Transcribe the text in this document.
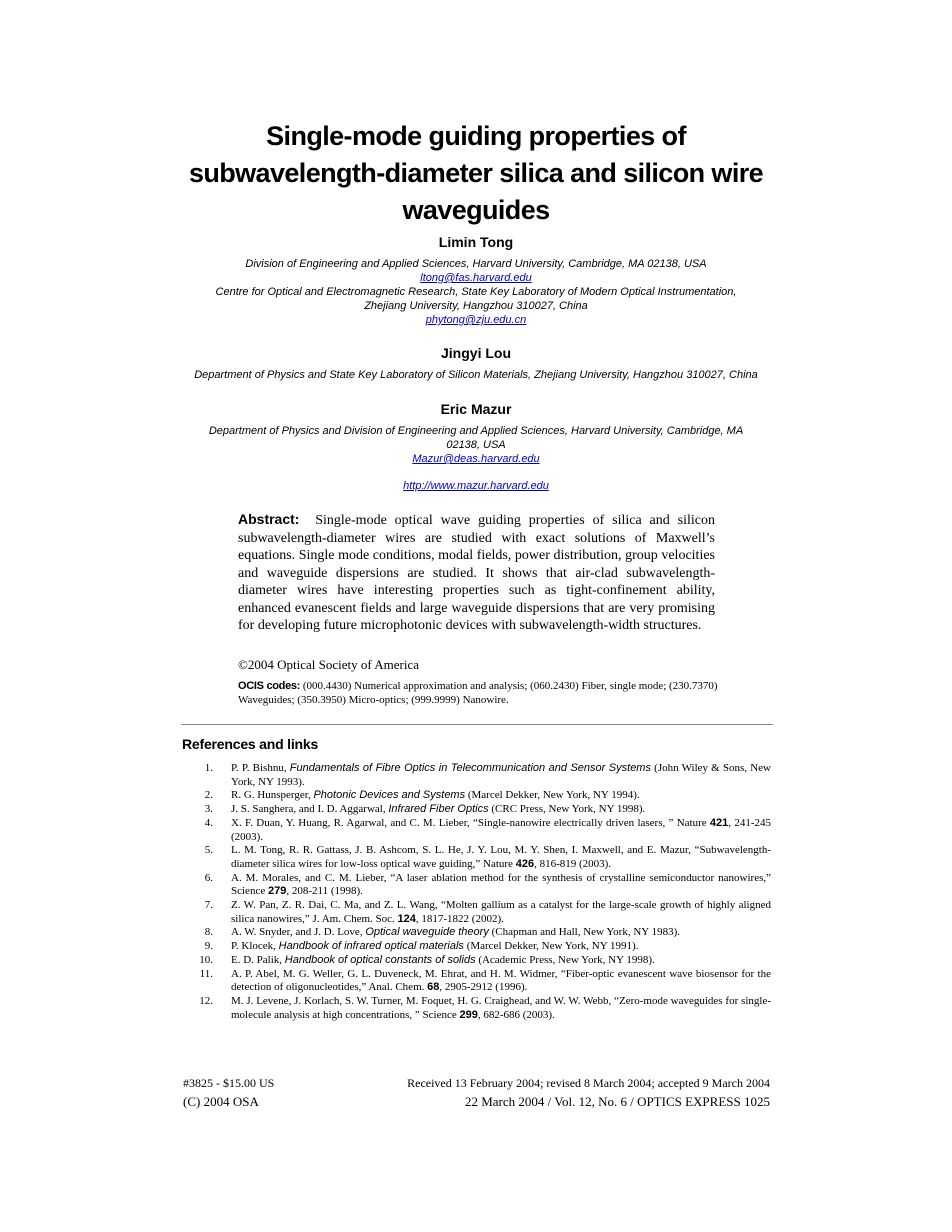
Single-mode guiding properties of
subwavelength-diameter silica and silicon wire
waveguides
Limin Tong
Division of Engineering and Applied Sciences, Harvard University, Cambridge, MA 02138, USA
ltong@fas.harvard.edu
Centre for Optical and Electromagnetic Research, State Key Laboratory of Modern Optical Instrumentation,
Zhejiang University, Hangzhou 310027, China
phytong@zju.edu.cn
Jingyi Lou
Department of Physics and State Key Laboratory of Silicon Materials, Zhejiang University, Hangzhou 310027, China
Eric Mazur
Department of Physics and Division of Engineering and Applied Sciences, Harvard University, Cambridge, MA
02138, USA
Mazur@deas.harvard.edu
http://www.mazur.harvard.edu
Abstract: Single-mode optical wave guiding properties of silica and silicon subwavelength-diameter wires are studied with exact solutions of Maxwell’s equations. Single mode conditions, modal fields, power distribution, group velocities and waveguide dispersions are studied. It shows that air-clad subwavelength-diameter wires have interesting properties such as tight-confinement ability, enhanced evanescent fields and large waveguide dispersions that are very promising for developing future microphotonic devices with subwavelength-width structures.
©2004 Optical Society of America
OCIS codes: (000.4430) Numerical approximation and analysis; (060.2430) Fiber, single mode; (230.7370) Waveguides; (350.3950) Micro-optics; (999.9999) Nanowire.
References and links
1. P. P. Bishnu, Fundamentals of Fibre Optics in Telecommunication and Sensor Systems (John Wiley & Sons, New York, NY 1993).
2. R. G. Hunsperger, Photonic Devices and Systems (Marcel Dekker, New York, NY 1994).
3. J. S. Sanghera, and I. D. Aggarwal, Infrared Fiber Optics (CRC Press, New York, NY 1998).
4. X. F. Duan, Y. Huang, R. Agarwal, and C. M. Lieber, “Single-nanowire electrically driven lasers, ” Nature 421, 241-245 (2003).
5. L. M. Tong, R. R. Gattass, J. B. Ashcom, S. L. He, J. Y. Lou, M. Y. Shen, I. Maxwell, and E. Mazur, “Subwavelength-diameter silica wires for low-loss optical wave guiding,” Nature 426, 816-819 (2003).
6. A. M. Morales, and C. M. Lieber, “A laser ablation method for the synthesis of crystalline semiconductor nanowires,” Science 279, 208-211 (1998).
7. Z. W. Pan, Z. R. Dai, C. Ma, and Z. L. Wang, “Molten gallium as a catalyst for the large-scale growth of highly aligned silica nanowires,” J. Am. Chem. Soc. 124, 1817-1822 (2002).
8. A. W. Snyder, and J. D. Love, Optical waveguide theory (Chapman and Hall, New York, NY 1983).
9. P. Klocek, Handbook of infrared optical materials (Marcel Dekker, New York, NY 1991).
10. E. D. Palik, Handbook of optical constants of solids (Academic Press, New York, NY 1998).
11. A. P. Abel, M. G. Weller, G. L. Duveneck, M. Ehrat, and H. M. Widmer, “Fiber-optic evanescent wave biosensor for the detection of oligonucleotides,” Anal. Chem. 68, 2905-2912 (1996).
12. M. J. Levene, J. Korlach, S. W. Turner, M. Foquet, H. G. Craighead, and W. W. Webb, “Zero-mode waveguides for single-molecule analysis at high concentrations, ” Science 299, 682-686 (2003).
#3825 - $15.00 US
(C) 2004 OSA
Received 13 February 2004; revised 8 March 2004; accepted 9 March 2004
22 March 2004 / Vol. 12, No. 6 / OPTICS EXPRESS 1025
